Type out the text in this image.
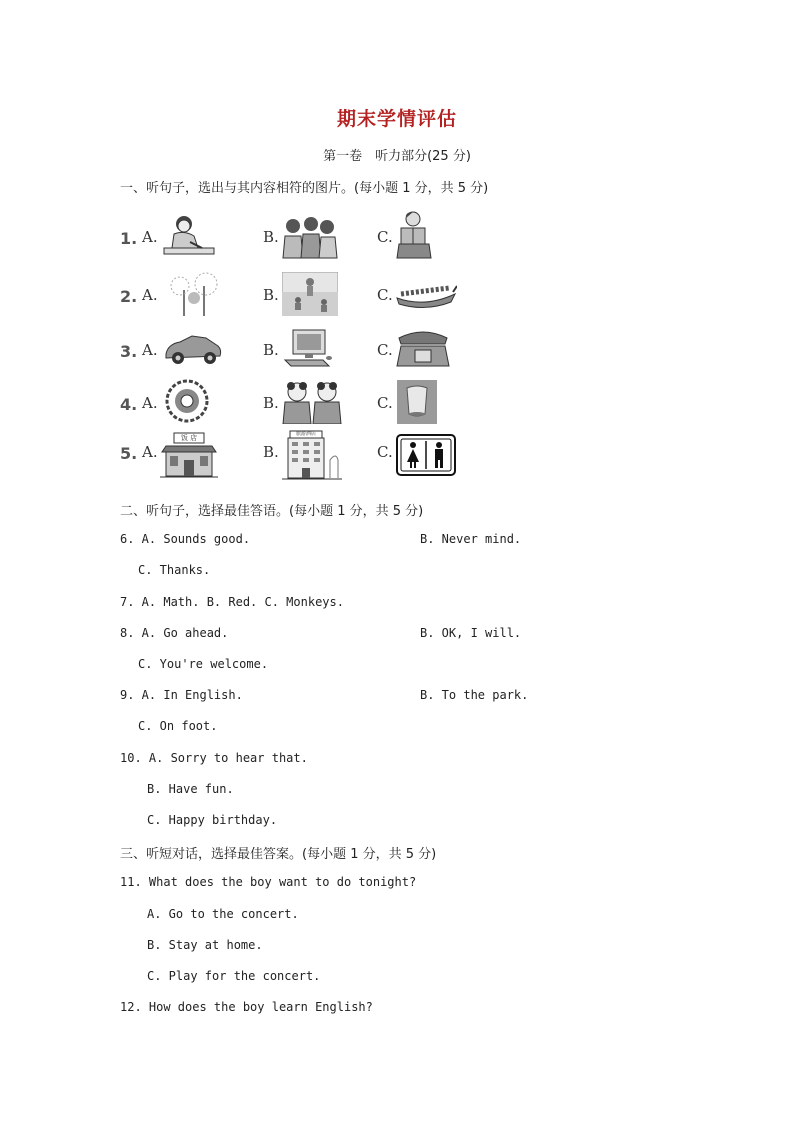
期末学情评估
第一卷　听力部分(25 分)
一、听句子，选出与其内容相符的图片。(每小题 1 分，共 5 分)
1. A.	B.	C.
2. A.	B.	C.
3. A.	B.	C.
4. A.	B.	C.
5. A.	B.	C.
饭 店	旅游酒店
二、听句子，选择最佳答语。(每小题 1 分，共 5 分)
6. A. Sounds good.	B. Never mind.
C. Thanks.
7. A. Math. B. Red. C. Monkeys.
8. A. Go ahead.	B. OK, I will.
C. You're welcome.
9. A. In English.	B. To the park.
C. On foot.
10. A. Sorry to hear that.
B. Have fun.
C. Happy birthday.
三、听短对话，选择最佳答案。(每小题 1 分，共 5 分)
11. What does the boy want to do tonight?
A. Go to the concert.
B. Stay at home.
C. Play for the concert.
12. How does the boy learn English?
